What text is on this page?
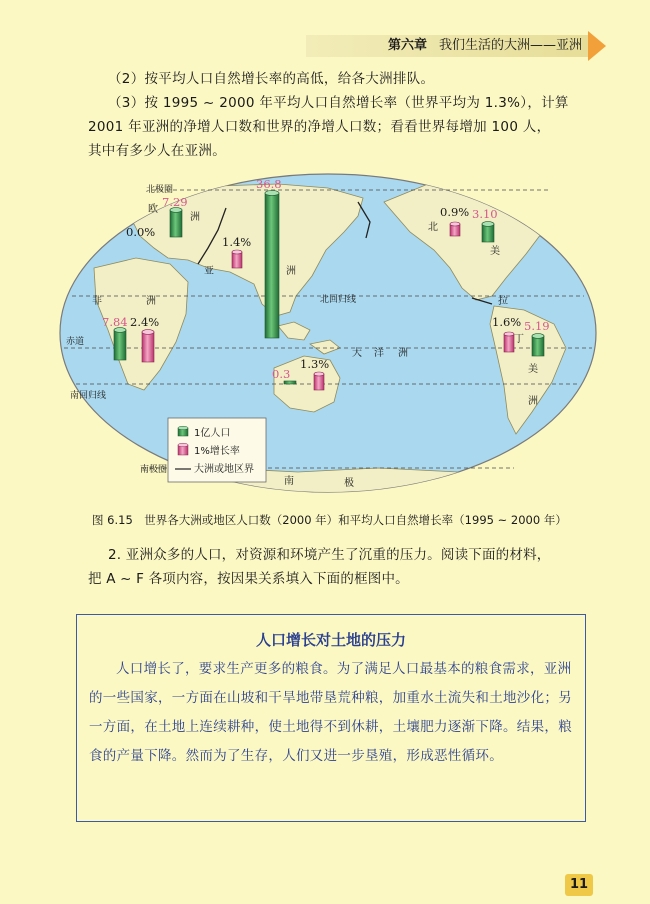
第六章 我们生活的大洲——亚洲
（2）按平均人口自然增长率的高低，给各大洲排队。
（3）按 1995 ~ 2000 年平均人口自然增长率（世界平均为 1.3%），计算
2001 年亚洲的净增人口数和世界的净增人口数；看看世界每增加 100 人，
其中有多少人在亚洲。
北极圈
北回归线
赤道
南回归线
南极圈
欧
洲
亚	洲
非	洲
大 洋 洲
北
美
拉
丁
美
洲
南	极
7.29
0.0%
36.8
1.4%
7.84 2.4%
0.3
1.3%
3.10
0.9%
5.19
1.6%
1亿人口
1%增长率
大洲或地区界
图 6.15　世界各大洲或地区人口数（2000 年）和平均人口自然增长率（1995 ~ 2000 年）
2. 亚洲众多的人口，对资源和环境产生了沉重的压力。阅读下面的材料，
把 A ~ F 各项内容，按因果关系填入下面的框图中。
人口增长对土地的压力
人口增长了，要求生产更多的粮食。为了满足人口最基本的粮食需求，亚洲的一些国家，一方面在山坡和干旱地带垦荒种粮，加重水土流失和土地沙化；另一方面，在土地上连续耕种，使土地得不到休耕，土壤肥力逐渐下降。结果，粮食的产量下降。然而为了生存，人们又进一步垦殖，形成恶性循环。
11
